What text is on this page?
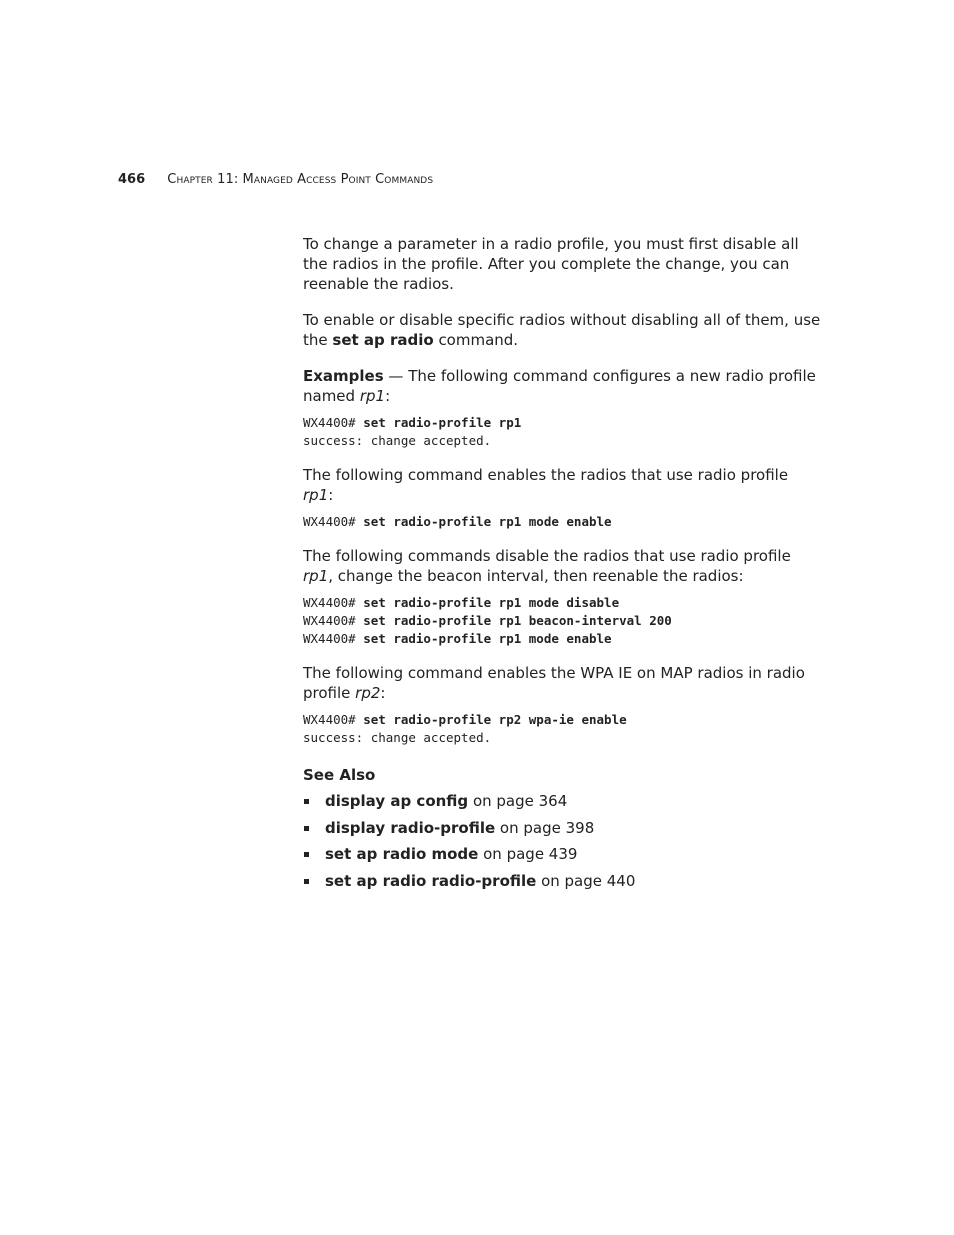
466 Chapter 11: Managed Access Point Commands

To change a parameter in a radio profile, you must first disable all the radios in the profile. After you complete the change, you can reenable the radios.

To enable or disable specific radios without disabling all of them, use the set ap radio command.

Examples — The following command configures a new radio profile named rp1:

WX4400# set radio-profile rp1
success: change accepted.

The following command enables the radios that use radio profile rp1:

WX4400# set radio-profile rp1 mode enable

The following commands disable the radios that use radio profile rp1, change the beacon interval, then reenable the radios:

WX4400# set radio-profile rp1 mode disable
WX4400# set radio-profile rp1 beacon-interval 200
WX4400# set radio-profile rp1 mode enable

The following command enables the WPA IE on MAP radios in radio profile rp2:

WX4400# set radio-profile rp2 wpa-ie enable
success: change accepted.
See Also
display ap config on page 364
display radio-profile on page 398
set ap radio mode on page 439
set ap radio radio-profile on page 440
